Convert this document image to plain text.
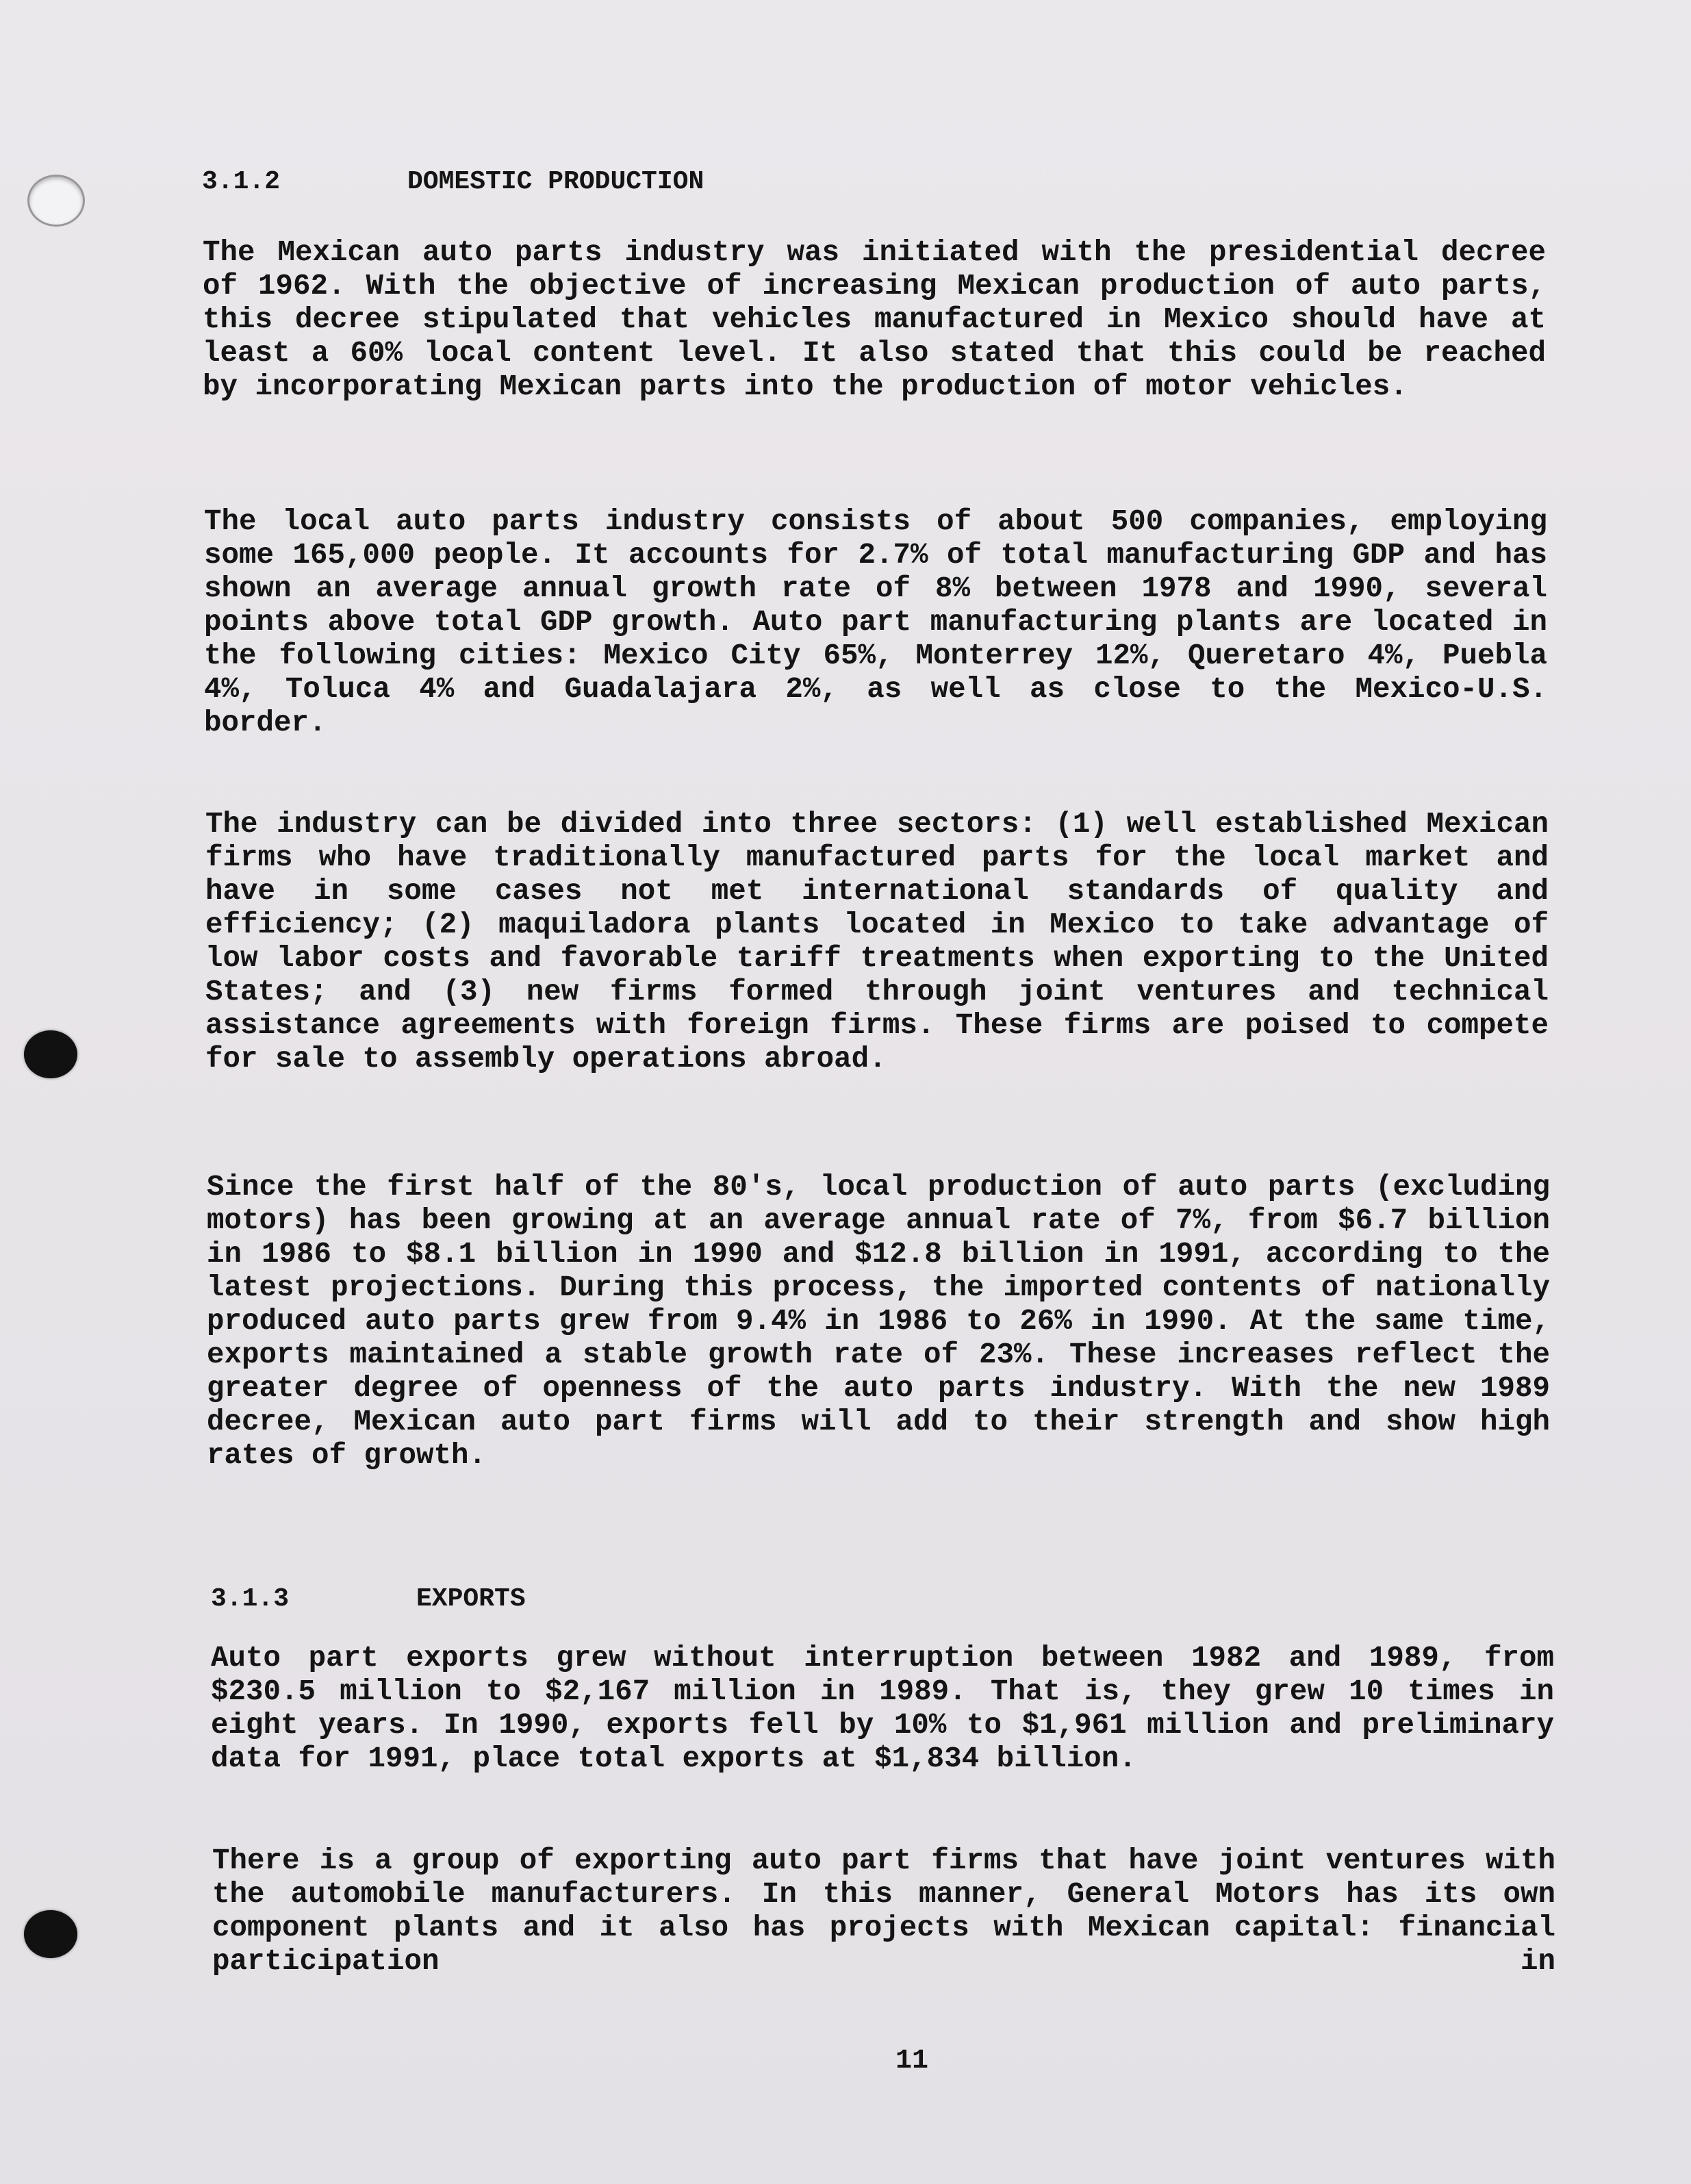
3.1.2	DOMESTIC PRODUCTION

The Mexican auto parts industry was initiated with the presidential decree of 1962. With the objective of increasing Mexican production of auto parts, this decree stipulated that vehicles manufactured in Mexico should have at least a 60% local content level. It also stated that this could be reached by incorporating Mexican parts into the production of motor vehicles.

The local auto parts industry consists of about 500 companies, employing some 165,000 people. It accounts for 2.7% of total manufacturing GDP and has shown an average annual growth rate of 8% between 1978 and 1990, several points above total GDP growth. Auto part manufacturing plants are located in the following cities: Mexico City 65%, Monterrey 12%, Queretaro 4%, Puebla 4%, Toluca 4% and Guadalajara 2%, as well as close to the Mexico-U.S. border.

The industry can be divided into three sectors: (1) well established Mexican firms who have traditionally manufactured parts for the local market and have in some cases not met international standards of quality and efficiency; (2) maquiladora plants located in Mexico to take advantage of low labor costs and favorable tariff treatments when exporting to the United States; and (3) new firms formed through joint ventures and technical assistance agreements with foreign firms. These firms are poised to compete for sale to assembly operations abroad.

Since the first half of the 80's, local production of auto parts (excluding motors) has been growing at an average annual rate of 7%, from $6.7 billion in 1986 to $8.1 billion in 1990 and $12.8 billion in 1991, according to the latest projections. During this process, the imported contents of nationally produced auto parts grew from 9.4% in 1986 to 26% in 1990. At the same time, exports maintained a stable growth rate of 23%. These increases reflect the greater degree of openness of the auto parts industry. With the new 1989 decree, Mexican auto part firms will add to their strength and show high rates of growth.

3.1.3	EXPORTS

Auto part exports grew without interruption between 1982 and 1989, from $230.5 million to $2,167 million in 1989. That is, they grew 10 times in eight years. In 1990, exports fell by 10% to $1,961 million and preliminary data for 1991, place total exports at $1,834 billion.

There is a group of exporting auto part firms that have joint ventures with the automobile manufacturers. In this manner, General Motors has its own component plants and it also has projects with Mexican capital: financial participation in

11
